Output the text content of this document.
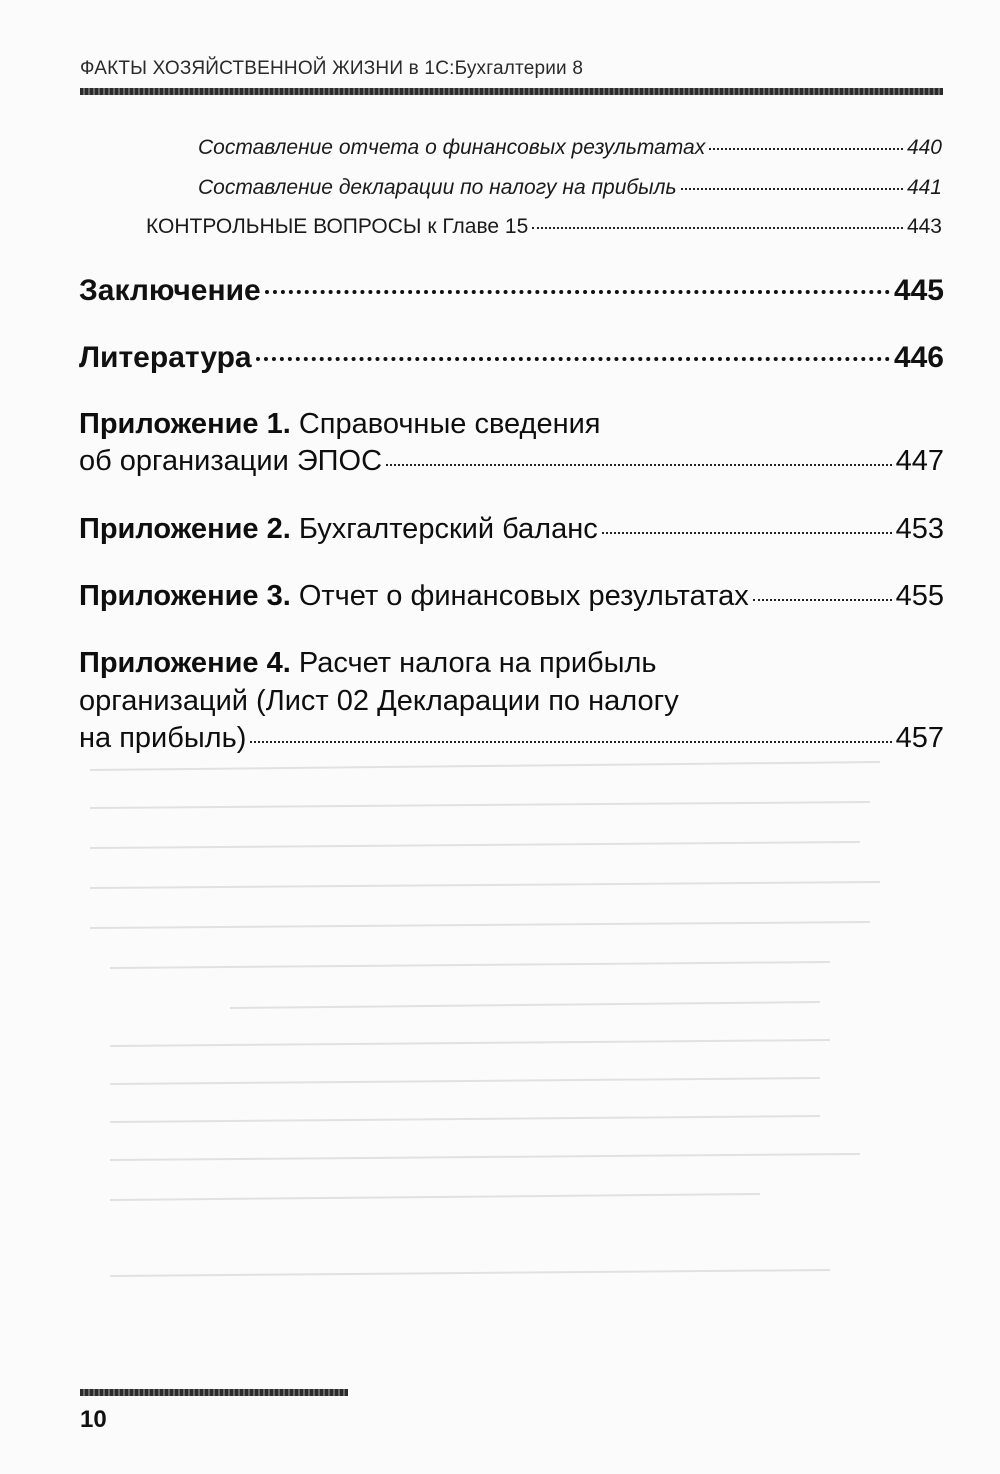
ФАКТЫ ХОЗЯЙСТВЕННОЙ ЖИЗНИ в 1С:Бухгалтерии 8
Составление отчета о финансовых результатах	440
Составление декларации по налогу на прибыль	441
КОНТРОЛЬНЫЕ ВОПРОСЫ к Главе 15	443
Заключение	445
Литература	446
Приложение 1. Справочные сведения
об организации ЭПОС	447
Приложение 2. Бухгалтерский баланс	453
Приложение 3. Отчет о финансовых результатах	455
Приложение 4. Расчет налога на прибыль
организаций (Лист 02 Декларации по налогу
на прибыль)	457
10
